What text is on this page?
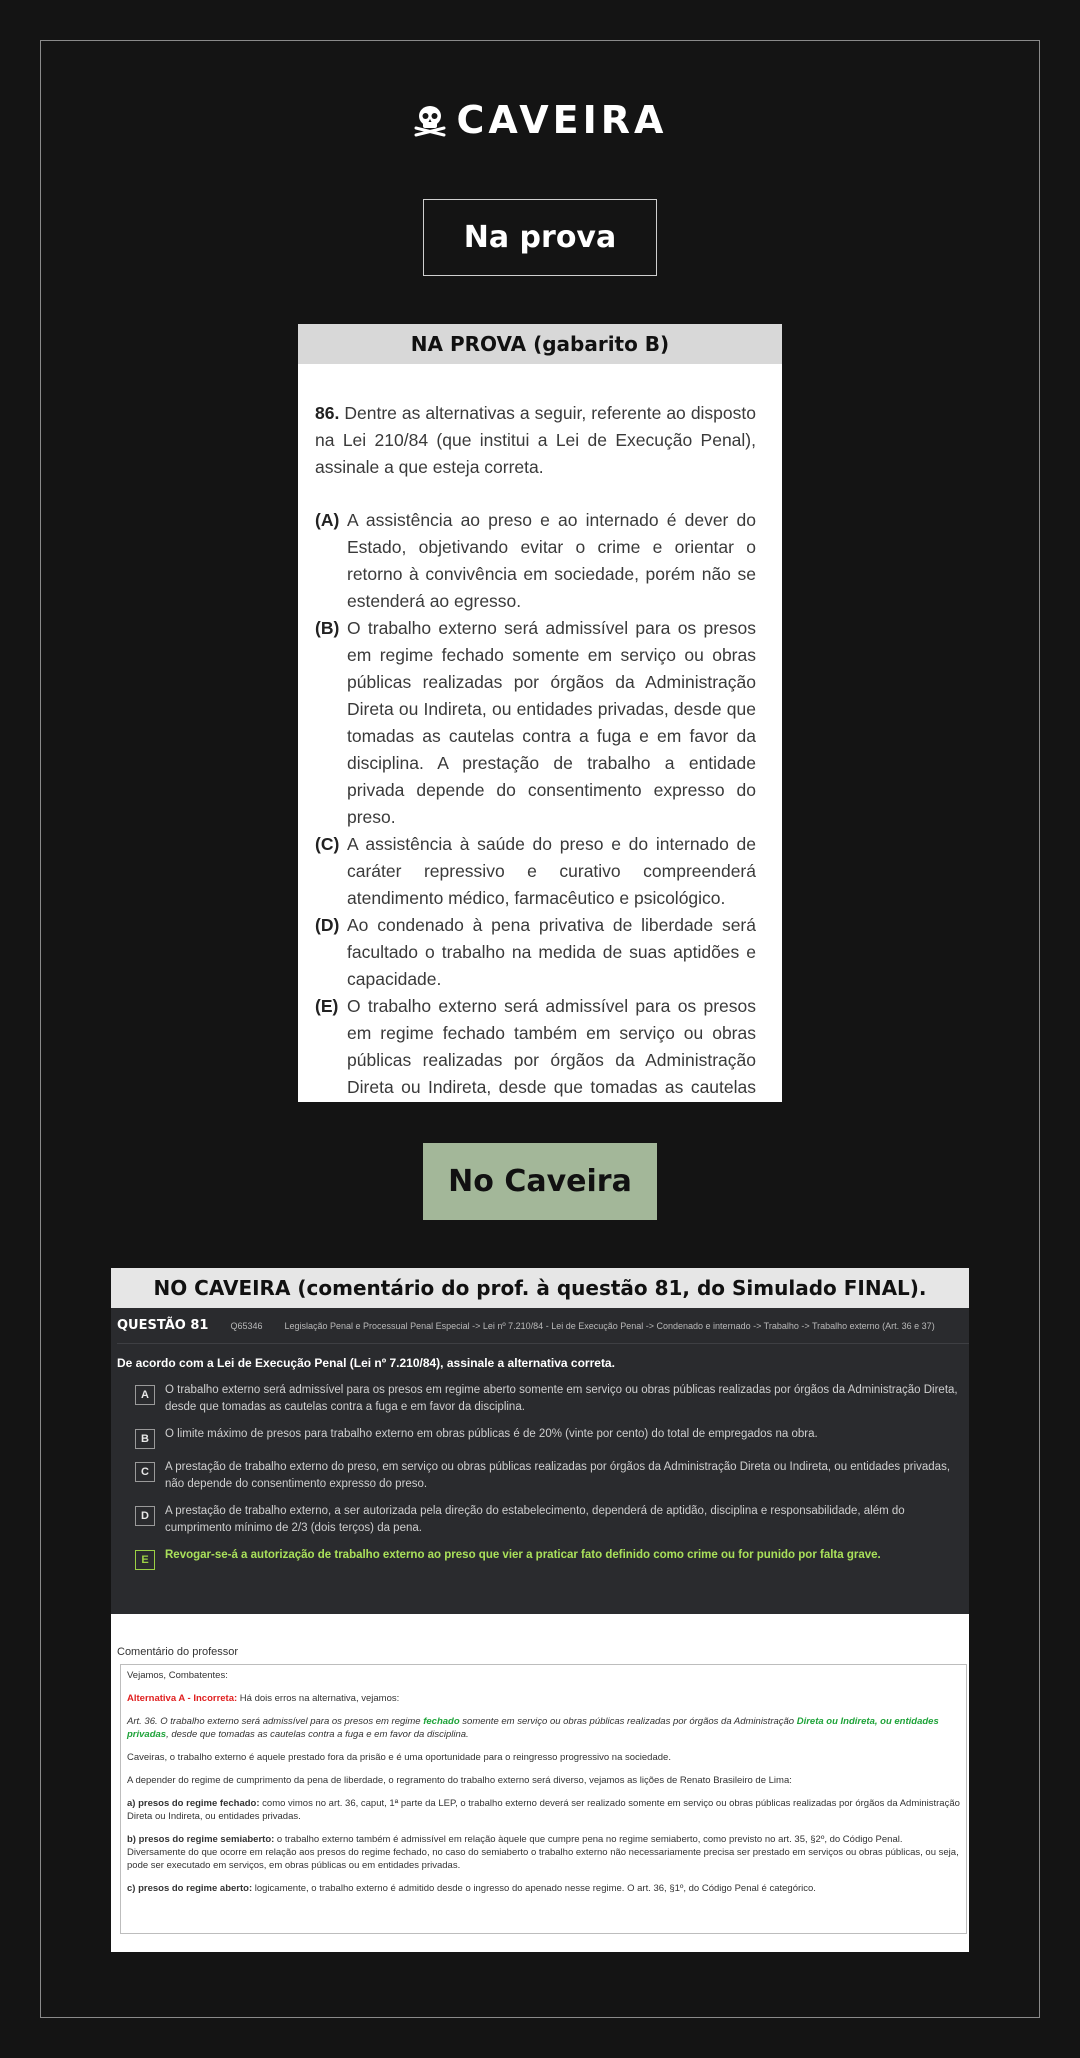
CAVEIRA
Na prova
NA PROVA (gabarito B)

86. Dentre as alternativas a seguir, referente ao disposto na Lei 210/84 (que institui a Lei de Execução Penal), assinale a que esteja correta.

(A) A assistência ao preso e ao internado é dever do Estado, objetivando evitar o crime e orientar o retorno à convivência em sociedade, porém não se estenderá ao egresso.
(B) O trabalho externo será admissível para os presos em regime fechado somente em serviço ou obras públicas realizadas por órgãos da Administração Direta ou Indireta, ou entidades privadas, desde que tomadas as cautelas contra a fuga e em favor da disciplina. A prestação de trabalho a entidade privada depende do consentimento expresso do preso.
(C) A assistência à saúde do preso e do internado de caráter repressivo e curativo compreenderá atendimento médico, farmacêutico e psicológico.
(D) Ao condenado à pena privativa de liberdade será facultado o trabalho na medida de suas aptidões e capacidade.
(E) O trabalho externo será admissível para os presos em regime fechado também em serviço ou obras públicas realizadas por órgãos da Administração Direta ou Indireta, desde que tomadas as cautelas
No Caveira
NO CAVEIRA (comentário do prof. à questão 81, do Simulado FINAL).
QUESTÃO 81 Q65346 Legislação Penal e Processual Penal Especial -> Lei nº 7.210/84 - Lei de Execução Penal -> Condenado e internado -> Trabalho -> Trabalho externo (Art. 36 e 37)

De acordo com a Lei de Execução Penal (Lei nº 7.210/84), assinale a alternativa correta.

A	O trabalho externo será admissível para os presos em regime aberto somente em serviço ou obras públicas realizadas por órgãos da Administração Direta, desde que tomadas as cautelas contra a fuga e em favor da disciplina.
B	O limite máximo de presos para trabalho externo em obras públicas é de 20% (vinte por cento) do total de empregados na obra.
C	A prestação de trabalho externo do preso, em serviço ou obras públicas realizadas por órgãos da Administração Direta ou Indireta, ou entidades privadas, não depende do consentimento expresso do preso.
D	A prestação de trabalho externo, a ser autorizada pela direção do estabelecimento, dependerá de aptidão, disciplina e responsabilidade, além do cumprimento mínimo de 2/3 (dois terços) da pena.
E	Revogar-se-á a autorização de trabalho externo ao preso que vier a praticar fato definido como crime ou for punido por falta grave.

Comentário do professor

Vejamos, Combatentes:

Alternativa A - Incorreta: Há dois erros na alternativa, vejamos:

Art. 36. O trabalho externo será admissível para os presos em regime fechado somente em serviço ou obras públicas realizadas por órgãos da Administração Direta ou Indireta, ou entidades privadas, desde que tomadas as cautelas contra a fuga e em favor da disciplina.

Caveiras, o trabalho externo é aquele prestado fora da prisão e é uma oportunidade para o reingresso progressivo na sociedade.

A depender do regime de cumprimento da pena de liberdade, o regramento do trabalho externo será diverso, vejamos as lições de Renato Brasileiro de Lima:

a) presos do regime fechado: como vimos no art. 36, caput, 1ª parte da LEP, o trabalho externo deverá ser realizado somente em serviço ou obras públicas realizadas por órgãos da Administração Direta ou Indireta, ou entidades privadas.

b) presos do regime semiaberto: o trabalho externo também é admissível em relação àquele que cumpre pena no regime semiaberto, como previsto no art. 35, §2º, do Código Penal. Diversamente do que ocorre em relação aos presos do regime fechado, no caso do semiaberto o trabalho externo não necessariamente precisa ser prestado em serviços ou obras públicas, ou seja, pode ser executado em serviços, em obras públicas ou em entidades privadas.

c) presos do regime aberto: logicamente, o trabalho externo é admitido desde o ingresso do apenado nesse regime. O art. 36, §1º, do Código Penal é categórico.
